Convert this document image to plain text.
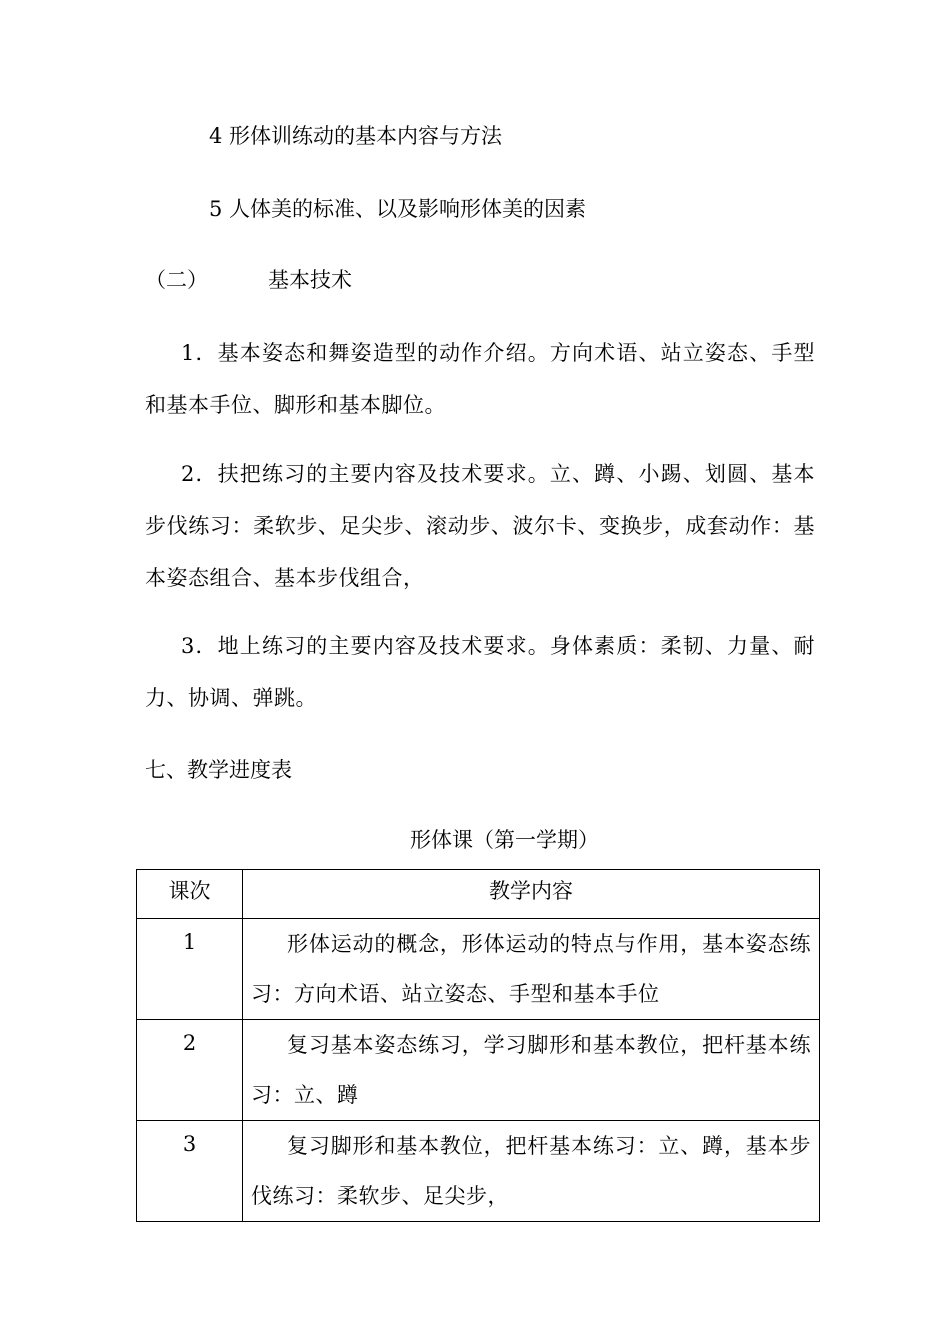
4 形体训练动的基本内容与方法

5 人体美的标准、以及影响形体美的因素

（二）	基本技术

1．基本姿态和舞姿造型的动作介绍。方向术语、站立姿态、手型和基本手位、脚形和基本脚位。

2．扶把练习的主要内容及技术要求。立、蹲、小踢、划圆、基本步伐练习：柔软步、足尖步、滚动步、波尔卡、变换步，成套动作：基本姿态组合、基本步伐组合，

3．地上练习的主要内容及技术要求。身体素质：柔韧、力量、耐力、协调、弹跳。

七、教学进度表

形体课（第一学期）

课次	教学内容
1	形体运动的概念，形体运动的特点与作用，基本姿态练习：方向术语、站立姿态、手型和基本手位
2	复习基本姿态练习，学习脚形和基本教位，把杆基本练习：立、蹲
3	复习脚形和基本教位，把杆基本练习：立、蹲，基本步伐练习：柔软步、足尖步，
